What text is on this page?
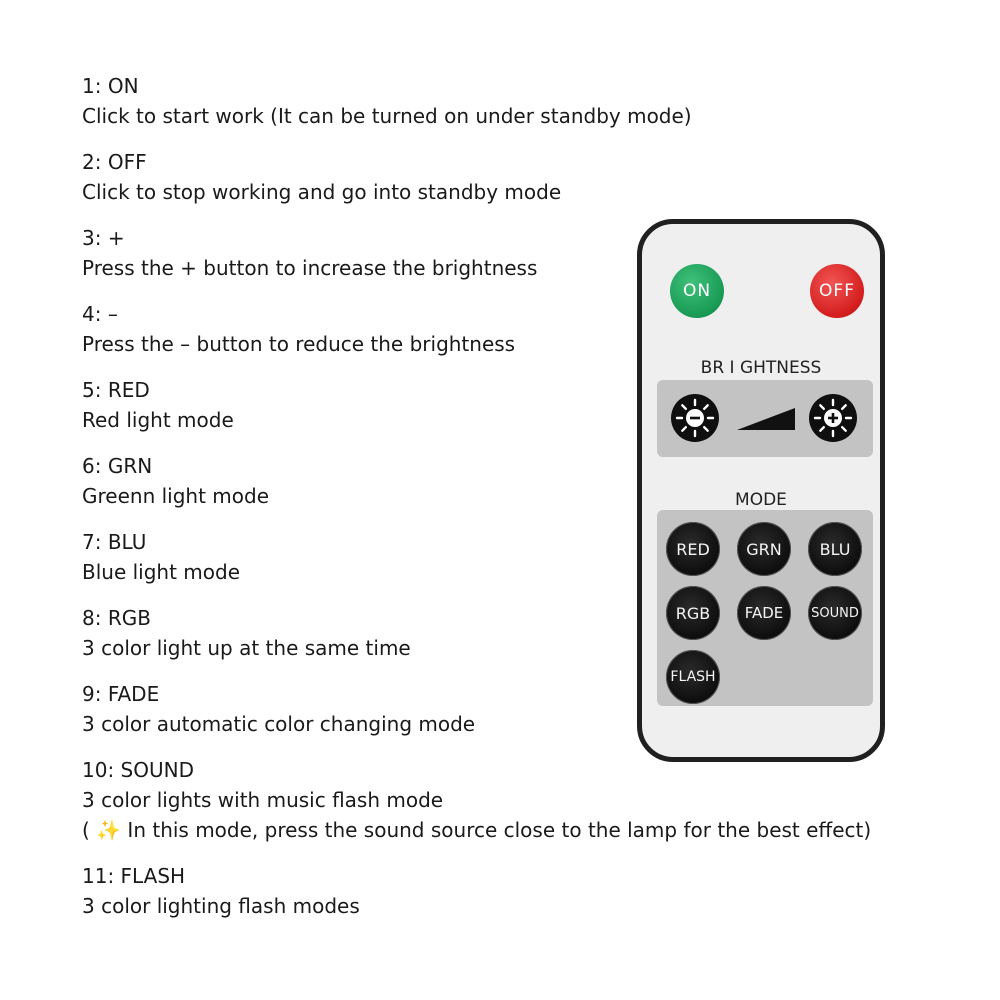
1: ON
Click to start work (It can be turned on under standby mode)
2: OFF
Click to stop working and go into standby mode
3: +
Press the + button to increase the brightness
4: –
Press the – button to reduce the brightness
5: RED
Red light mode
6: GRN
Greenn light mode
7: BLU
Blue light mode
8: RGB
3 color light up at the same time
9: FADE
3 color automatic color changing mode
10: SOUND
3 color lights with music flash mode
( ✨ In this mode, press the sound source close to the lamp for the best effect)
11: FLASH
3 color lighting flash modes
ON	OFF
BR I GHTNESS
MODE
RED	GRN	BLU
RGB	FADE	SOUND
FLASH
